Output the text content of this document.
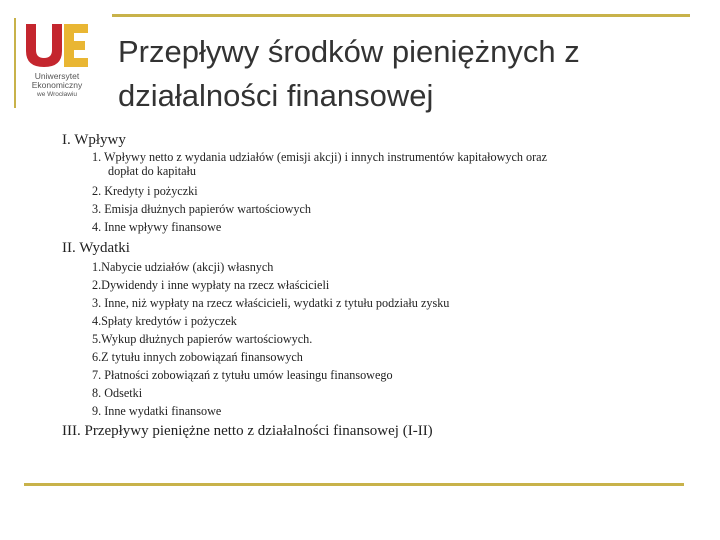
Uniwersytet
Ekonomiczny
we Wrocławiu
Przepływy środków pieniężnych z działalności finansowej

I. Wpływy

1. Wpływy netto z wydania udziałów (emisji akcji) i innych instrumentów kapitałowych oraz
dopłat do kapitału
2. Kredyty i pożyczki
3. Emisja dłużnych papierów wartościowych
4. Inne wpływy finansowe

II. Wydatki

1.Nabycie udziałów (akcji) własnych
2.Dywidendy i inne wypłaty na rzecz właścicieli
3. Inne, niż wypłaty na rzecz właścicieli, wydatki z tytułu podziału zysku
4.Spłaty kredytów i pożyczek
5.Wykup dłużnych papierów wartościowych.
6.Z tytułu innych zobowiązań finansowych
7. Płatności zobowiązań z tytułu umów leasingu finansowego
8. Odsetki
9. Inne wydatki finansowe

III. Przepływy pieniężne netto z działalności finansowej (I-II)
